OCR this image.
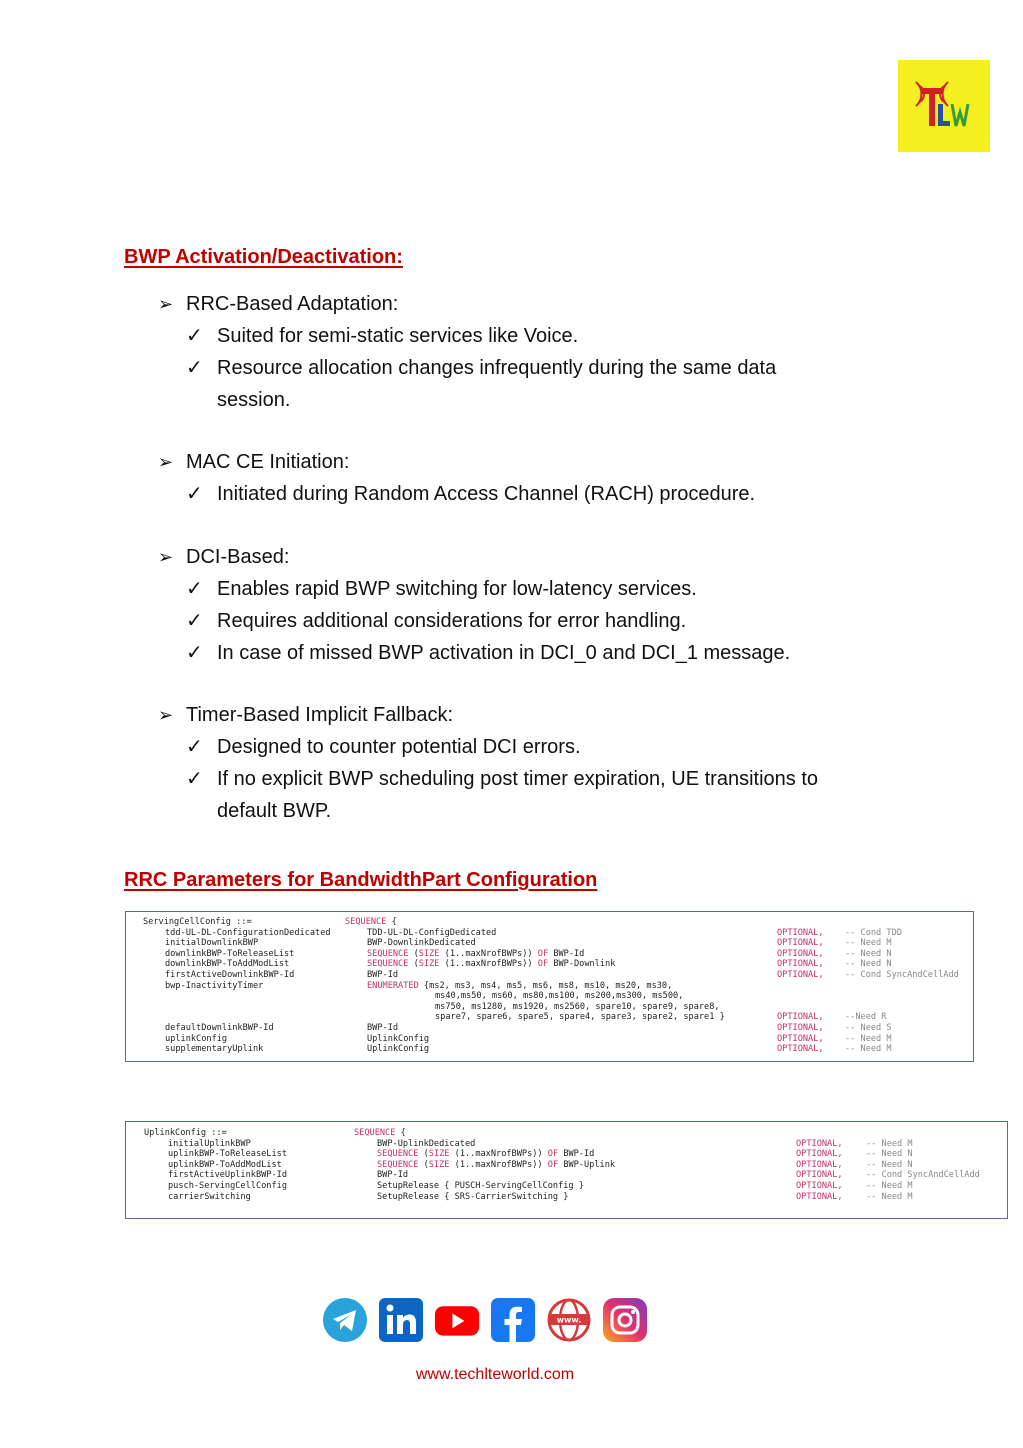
BWP Activation/Deactivation:
➢ RRC-Based Adaptation:
✓ Suited for semi-static services like Voice.
✓ Resource allocation changes infrequently during the same data
session.
➢ MAC CE Initiation:
✓ Initiated during Random Access Channel (RACH) procedure.
➢ DCI-Based:
✓ Enables rapid BWP switching for low-latency services.
✓ Requires additional considerations for error handling.
✓ In case of missed BWP activation in DCI_0 and DCI_1 message.
➢ Timer-Based Implicit Fallback:
✓ Designed to counter potential DCI errors.
✓ If no explicit BWP scheduling post timer expiration, UE transitions to
default BWP.
RRC Parameters for BandwidthPart Configuration
ServingCellConfig ::=	SEQUENCE {
tdd-UL-DL-ConfigurationDedicated	TDD-UL-DL-ConfigDedicated	OPTIONAL, -- Cond TDD
initialDownlinkBWP	BWP-DownlinkDedicated	OPTIONAL, -- Need M
downlinkBWP-ToReleaseList	SEQUENCE (SIZE (1..maxNrofBWPs)) OF BWP-Id	OPTIONAL, -- Need N
downlinkBWP-ToAddModList	SEQUENCE (SIZE (1..maxNrofBWPs)) OF BWP-Downlink	OPTIONAL, -- Need N
firstActiveDownlinkBWP-Id	BWP-Id	OPTIONAL, -- Cond SyncAndCellAdd
bwp-InactivityTimer	ENUMERATED {ms2, ms3, ms4, ms5, ms6, ms8, ms10, ms20, ms30,
ms40,ms50, ms60, ms80,ms100, ms200,ms300, ms500,
ms750, ms1280, ms1920, ms2560, spare10, spare9, spare8,
spare7, spare6, spare5, spare4, spare3, spare2, spare1 }	OPTIONAL, --Need R
defaultDownlinkBWP-Id	BWP-Id	OPTIONAL, -- Need S
uplinkConfig	UplinkConfig	OPTIONAL, -- Need M
supplementaryUplink	UplinkConfig	OPTIONAL, -- Need M
UplinkConfig ::=	SEQUENCE {
initialUplinkBWP	BWP-UplinkDedicated	OPTIONAL,	-- Need M
uplinkBWP-ToReleaseList	SEQUENCE (SIZE (1..maxNrofBWPs)) OF BWP-Id	OPTIONAL,	-- Need N
uplinkBWP-ToAddModList	SEQUENCE (SIZE (1..maxNrofBWPs)) OF BWP-Uplink	OPTIONAL,	-- Need N
firstActiveUplinkBWP-Id	BWP-Id	OPTIONAL,	-- Cond SyncAndCellAdd
pusch-ServingCellConfig	SetupRelease { PUSCH-ServingCellConfig }	OPTIONAL,	-- Need M
carrierSwitching	SetupRelease { SRS-CarrierSwitching }	OPTIONAL,	-- Need M
www.
www.techlteworld.com
